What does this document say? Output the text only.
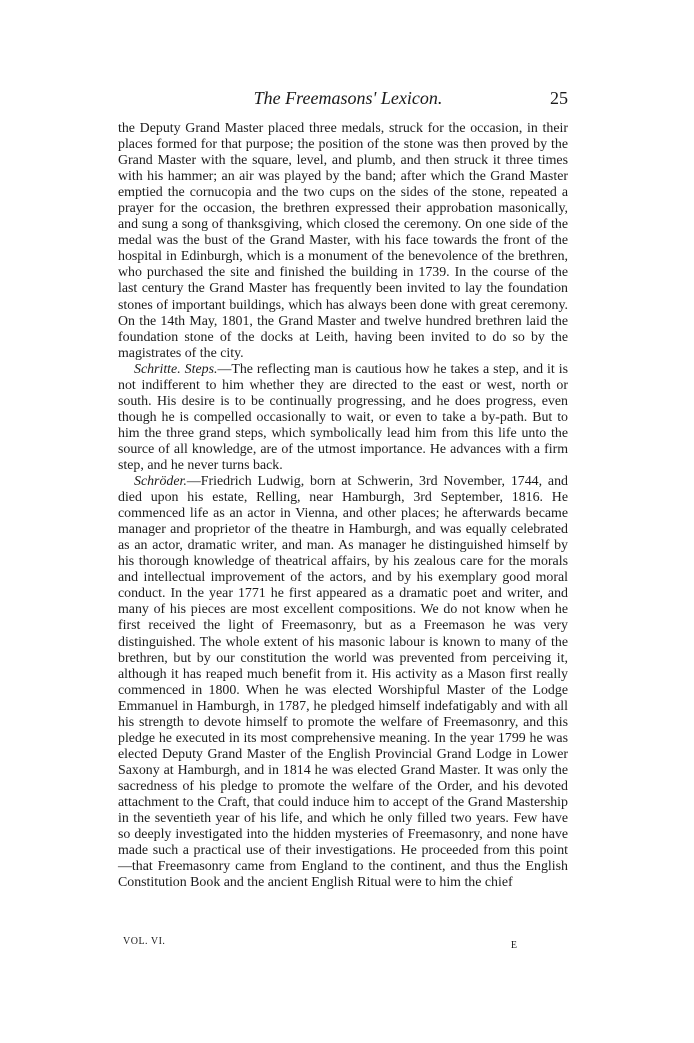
The Freemasons' Lexicon.	25

the Deputy Grand Master placed three medals, struck for the occasion, in their places formed for that purpose; the position of the stone was then proved by the Grand Master with the square, level, and plumb, and then struck it three times with his hammer; an air was played by the band; after which the Grand Master emptied the cornucopia and the two cups on the sides of the stone, repeated a prayer for the occasion, the brethren expressed their approbation masonically, and sung a song of thanksgiving, which closed the ceremony. On one side of the medal was the bust of the Grand Master, with his face towards the front of the hospital in Edinburgh, which is a monument of the benevolence of the brethren, who purchased the site and finished the building in 1739. In the course of the last century the Grand Master has frequently been invited to lay the foundation stones of important buildings, which has always been done with great ceremony. On the 14th May, 1801, the Grand Master and twelve hundred brethren laid the foundation stone of the docks at Leith, having been invited to do so by the magistrates of the city.

Schritte. Steps.—The reflecting man is cautious how he takes a step, and it is not indifferent to him whether they are directed to the east or west, north or south. His desire is to be continually progressing, and he does progress, even though he is compelled occasionally to wait, or even to take a by-path. But to him the three grand steps, which symbolically lead him from this life unto the source of all knowledge, are of the utmost importance. He advances with a firm step, and he never turns back.

Schröder.—Friedrich Ludwig, born at Schwerin, 3rd November, 1744, and died upon his estate, Relling, near Hamburgh, 3rd September, 1816. He commenced life as an actor in Vienna, and other places; he afterwards became manager and proprietor of the theatre in Hamburgh, and was equally celebrated as an actor, dramatic writer, and man. As manager he distinguished himself by his thorough knowledge of theatrical affairs, by his zealous care for the morals and intellectual improvement of the actors, and by his exemplary good moral conduct. In the year 1771 he first appeared as a dramatic poet and writer, and many of his pieces are most excellent compositions. We do not know when he first received the light of Freemasonry, but as a Freemason he was very distinguished. The whole extent of his masonic labour is known to many of the brethren, but by our constitution the world was prevented from perceiving it, although it has reaped much benefit from it. His activity as a Mason first really commenced in 1800. When he was elected Worshipful Master of the Lodge Emmanuel in Hamburgh, in 1787, he pledged himself indefatigably and with all his strength to devote himself to promote the welfare of Freemasonry, and this pledge he executed in its most comprehensive meaning. In the year 1799 he was elected Deputy Grand Master of the English Provincial Grand Lodge in Lower Saxony at Hamburgh, and in 1814 he was elected Grand Master. It was only the sacredness of his pledge to promote the welfare of the Order, and his devoted attachment to the Craft, that could induce him to accept of the Grand Mastership in the seventieth year of his life, and which he only filled two years. Few have so deeply investigated into the hidden mysteries of Freemasonry, and none have made such a practical use of their investigations. He proceeded from this point—that Freemasonry came from England to the continent, and thus the English Constitution Book and the ancient English Ritual were to him the chief

VOL. VI.	E
